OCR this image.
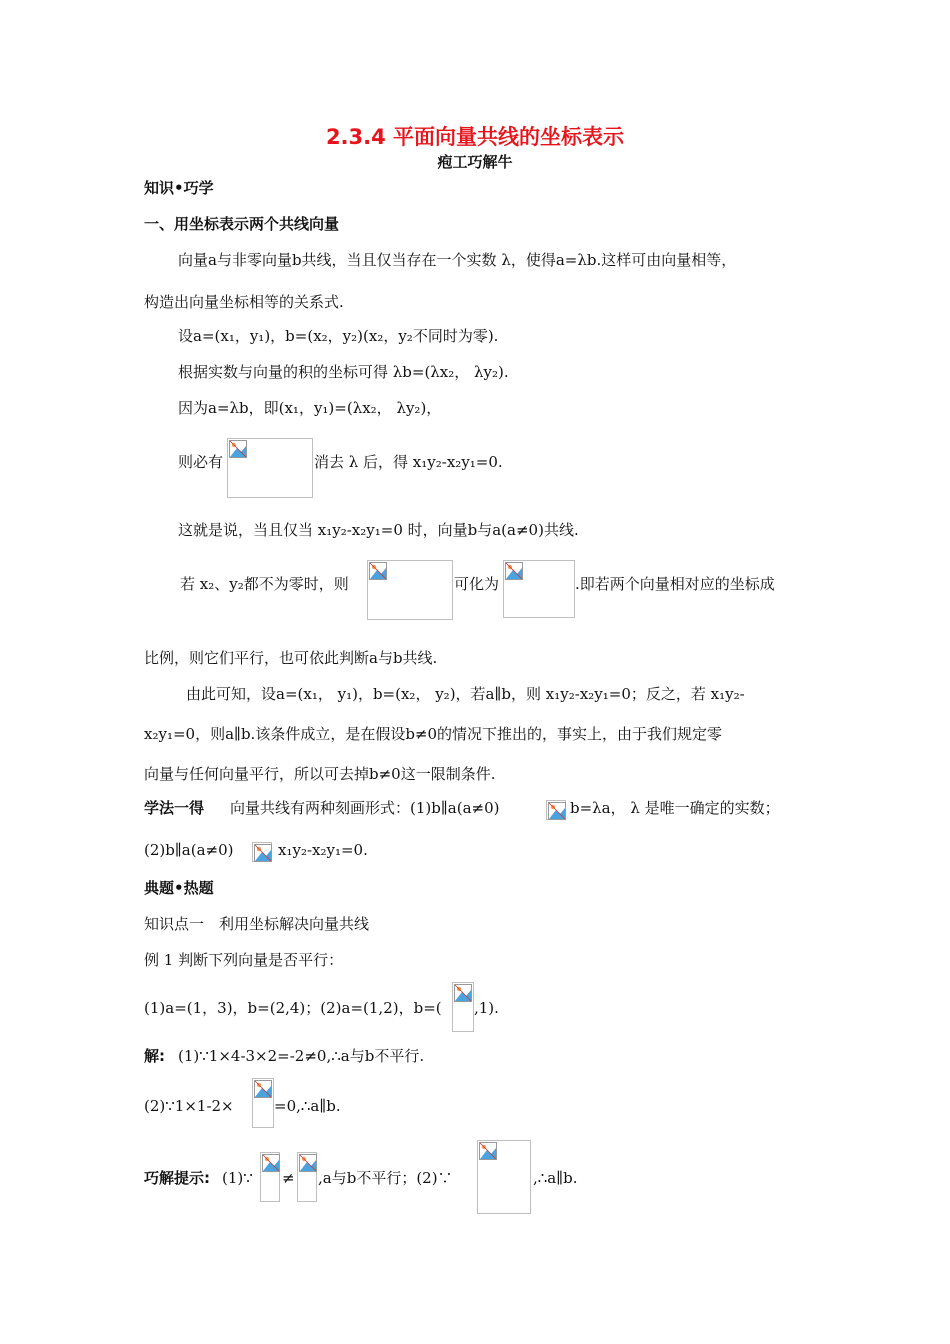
2.3.4 平面向量共线的坐标表示
疱工巧解牛
知识•巧学
一、用坐标表示两个共线向量
向量a与非零向量b共线，当且仅当存在一个实数 λ，使得a=λb.这样可由向量相等，
构造出向量坐标相等的关系式.
设a=(x₁，y₁)，b=(x₂，y₂)(x₂，y₂不同时为零).
根据实数与向量的积的坐标可得 λb=(λx₂， λy₂).
因为a=λb，即(x₁，y₁)=(λx₂， λy₂)，
则必有	消去 λ 后，得 x₁y₂-x₂y₁=0.
这就是说，当且仅当 x₁y₂-x₂y₁=0 时，向量b与a(a≠0)共线.
若 x₂、y₂都不为零时，则	可化为	.即若两个向量相对应的坐标成
比例，则它们平行，也可依此判断a与b共线.
由此可知，设a=(x₁， y₁)，b=(x₂， y₂)，若a∥b，则 x₁y₂-x₂y₁=0；反之，若 x₁y₂-
x₂y₁=0，则a∥b.该条件成立，是在假设b≠0的情况下推出的，事实上，由于我们规定零
向量与任何向量平行，所以可去掉b≠0这一限制条件.
学法一得 向量共线有两种刻画形式：(1)b∥a(a≠0)	b=λa， λ 是唯一确定的实数；
(2)b∥a(a≠0)	x₁y₂-x₂y₁=0.
典题•热题
知识点一　利用坐标解决向量共线
例 1 判断下列向量是否平行：
(1)a=(1，3)，b=(2,4)；(2)a=(1,2)，b=( ,1).
解: (1)∵1×4-3×2=-2≠0,∴a与b不平行.
(2)∵1×1-2×	=0,∴a∥b.
巧解提示: (1)∵ ≠ ,a与b不平行；(2)∵	,∴a∥b.
